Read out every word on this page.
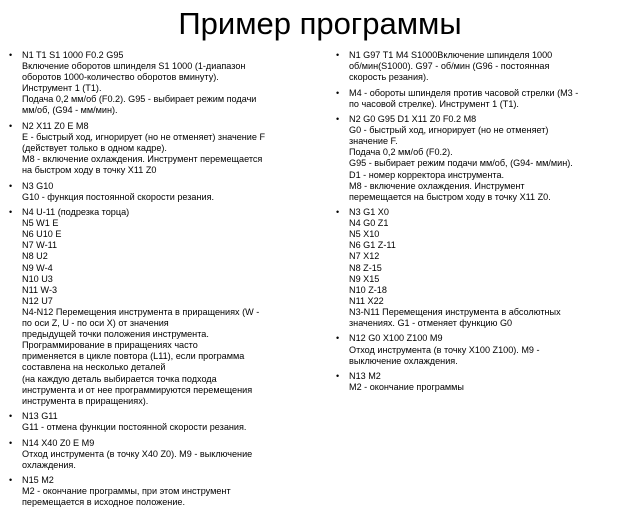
Пример программы
• N1 T1 S1 1000 F0.2 G95
Включение оборотов шпинделя S1 1000 (1-диапазон
оборотов 1000-количество оборотов вминуту).
Инструмент 1 (Т1).
Подача 0,2 мм/об (F0.2). G95 - выбирает режим подачи
мм/об, (G94 - мм/мин).
• N2 X11 Z0 E M8
E - быстрый ход, игнорирует (но не отменяет) значение F
(действует только в одном кадре).
M8 - включение охлаждения. Инструмент перемещается
на быстром ходу в точку X11 Z0
• N3 G10
G10 - функция постоянной скорости резания.
• N4 U-11 (подрезка торца)
N5 W1 E
N6 U10 E
N7 W-11
N8 U2
N9 W-4
N10 U3
N11 W-3
N12 U7
N4-N12 Перемещения инструмента в приращениях (W -
по оси Z, U - по оси X) от значения
предыдущей точки положения инструмента.
Программирование в приращениях часто
применяется в цикле повтора (L11), если программа
составлена на несколько деталей
(на каждую деталь выбирается точка подхода
инструмента и от нее программируются перемещения
инструмента в приращениях).
• N13 G11
G11 - отмена функции постоянной скорости резания.
• N14 X40 Z0 E M9
Отход инструмента (в точку X40 Z0). M9 - выключение
охлаждения.
• N15 M2
M2 - окончание программы, при этом инструмент
перемещается в исходное положение.
• N1 G97 T1 M4 S1000Включение шпинделя 1000
об/мин(S1000). G97 - об/мин (G96 - постоянная
скорость резания).
• M4 - обороты шпинделя против часовой стрелки (M3 -
по часовой стрелке). Инструмент 1 (T1).
• N2 G0 G95 D1 X11 Z0 F0.2 M8
G0 - быстрый ход, игнорирует (но не отменяет)
значение F.
Подача 0,2 мм/об (F0.2).
G95 - выбирает режим подачи мм/об, (G94- мм/мин).
D1 - номер корректора инструмента.
M8 - включение охлаждения. Инструмент
перемещается на быстром ходу в точку X11 Z0.
• N3 G1 X0
N4 G0 Z1
N5 X10
N6 G1 Z-11
N7 X12
N8 Z-15
N9 X15
N10 Z-18
N11 X22
N3-N11 Перемещения инструмента в абсолютных
значениях. G1 - отменяет функцию G0
• N12 G0 X100 Z100 M9
Отход инструмента (в точку X100 Z100). M9 -
выключение охлаждения.
• N13 M2
M2 - окончание программы
